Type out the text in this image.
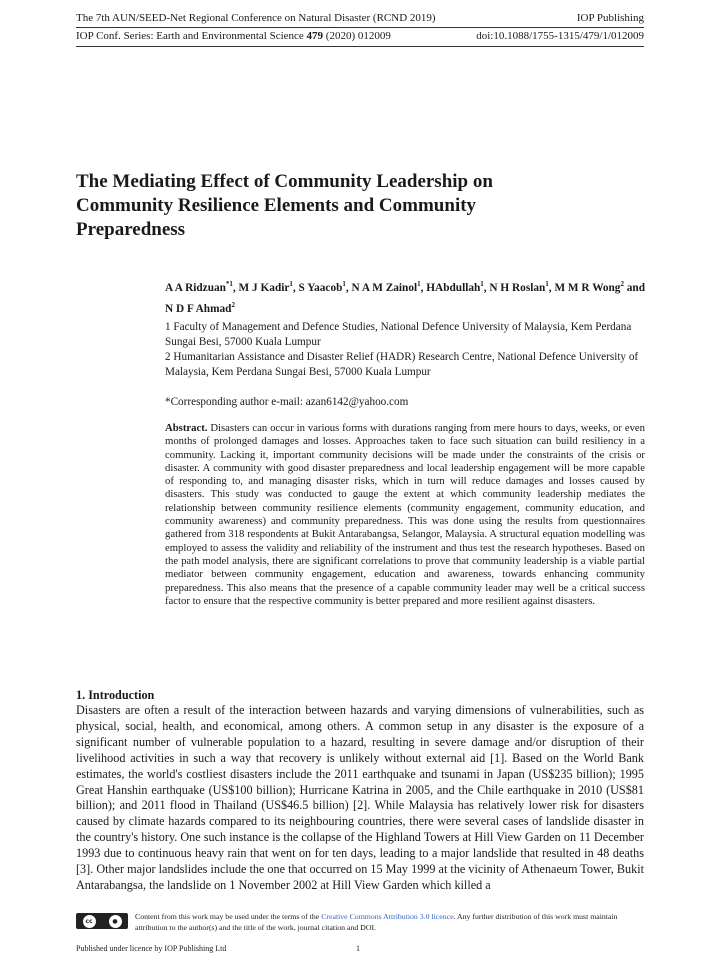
The 7th AUN/SEED-Net Regional Conference on Natural Disaster (RCND 2019)	IOP Publishing
IOP Conf. Series: Earth and Environmental Science 479 (2020) 012009	doi:10.1088/1755-1315/479/1/012009
The Mediating Effect of Community Leadership on Community Resilience Elements and Community Preparedness
A A Ridzuan$^{*1}$, M J Kadir$^1$, S Yaacob$^1$, N A M Zainol$^1$, HAbdullah$^1$, N H Roslan$^1$, M M R Wong$^2$ and N D F Ahmad$^2$
1 Faculty of Management and Defence Studies, National Defence University of Malaysia, Kem Perdana Sungai Besi, 57000 Kuala Lumpur
2 Humanitarian Assistance and Disaster Relief (HADR) Research Centre, National Defence University of Malaysia, Kem Perdana Sungai Besi, 57000 Kuala Lumpur
*Corresponding author e-mail: azan6142@yahoo.com
Abstract. Disasters can occur in various forms with durations ranging from mere hours to days, weeks, or even months of prolonged damages and losses. Approaches taken to face such situation can build resiliency in a community. Lacking it, important community decisions will be made under the constraints of the crisis or disaster. A community with good disaster preparedness and local leadership engagement will be more capable of responding to, and managing disaster risks, which in turn will reduce damages and losses caused by disasters. This study was conducted to gauge the extent at which community leadership mediates the relationship between community resilience elements (community engagement, community education, and community awareness) and community preparedness. This was done using the results from questionnaires gathered from 318 respondents at Bukit Antarabangsa, Selangor, Malaysia. A structural equation modelling was employed to assess the validity and reliability of the instrument and thus test the research hypotheses. Based on the path model analysis, there are significant correlations to prove that community leadership is a viable partial mediator between community engagement, education and awareness, towards enhancing community preparedness. This also means that the presence of a capable community leader may well be a critical success factor to ensure that the respective community is better prepared and more resilient against disasters.
1. Introduction
Disasters are often a result of the interaction between hazards and varying dimensions of vulnerabilities, such as physical, social, health, and economical, among others. A common setup in any disaster is the exposure of a significant number of vulnerable population to a hazard, resulting in severe damage and/or disruption of their livelihood activities in such a way that recovery is unlikely without external aid [1]. Based on the World Bank estimates, the world's costliest disasters include the 2011 earthquake and tsunami in Japan (US$235 billion); 1995 Great Hanshin earthquake (US$100 billion); Hurricane Katrina in 2005, and the Chile earthquake in 2010 (US$81 billion); and 2011 flood in Thailand (US$46.5 billion) [2]. While Malaysia has relatively lower risk for disasters caused by climate hazards compared to its neighbouring countries, there were several cases of landslide disaster in the country's history. One such instance is the collapse of the Highland Towers at Hill View Garden on 11 December 1993 due to continuous heavy rain that went on for ten days, leading to a major landslide that resulted in 48 deaths [3]. Other major landslides include the one that occurred on 15 May 1999 at the vicinity of Athenaeum Tower, Bukit Antarabangsa, the landslide on 1 November 2002 at Hill View Garden which killed a
cc	●	Content from this work may be used under the terms of the Creative Commons Attribution 3.0 licence. Any further distribution of this work must maintain attribution to the author(s) and the title of the work, journal citation and DOI.
Published under licence by IOP Publishing Ltd	1
